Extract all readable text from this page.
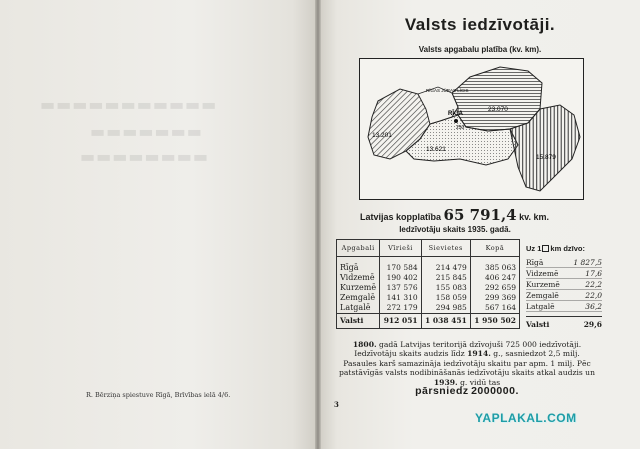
▬▬▬▬▬▬▬▬▬▬▬
▬▬▬▬▬▬▬
▬▬▬▬▬▬▬▬
R. Bērziņa spiestuve Rīgā, Brīvības ielā 4/6.
Valsts iedzīvotāji.
Valsts apgabalu platība (kv. km).
RĪGAS JŪRAS LĪCIS
RĪGA
250
23.070
13.201
13.621
15.879
Latvijas kopplatība 65 791,4 kv. km.
Iedzīvotāju skaits 1935. gadā.
Apgabali	Vīrieši	Sievietes	Kopā
Rīgā	170 584	214 479	385 063
Vidzemē	190 402	215 845	406 247
Kurzemē	137 576	155 083	292 659
Zemgalē	141 310	158 059	299 369
Latgalē	272 179	294 985	567 164
Valsti	912 051	1 038 451	1 950 502
Uz 1 km dzīvo:
Rīgā	1 827,5
Vidzemē	17,6
Kurzemē	22,2
Zemgalē	22,0
Latgalē	36,2
Valsti	29,6
1800. gadā Latvijas teritorijā dzīvojuši 725 000 iedzīvotāji. Iedzīvotāju skaits audzis līdz 1914. g., sasniedzot 2,5 milj. Pasaules karš samazināja iedzīvotāju skaitu par apm. 1 milj. Pēc patstāvīgās valsts nodibināšanās iedzīvotāju skaits atkal audzis un 1939. g. vidū tas
pārsniedz 2000000.
3
YAPLAKAL.COM
